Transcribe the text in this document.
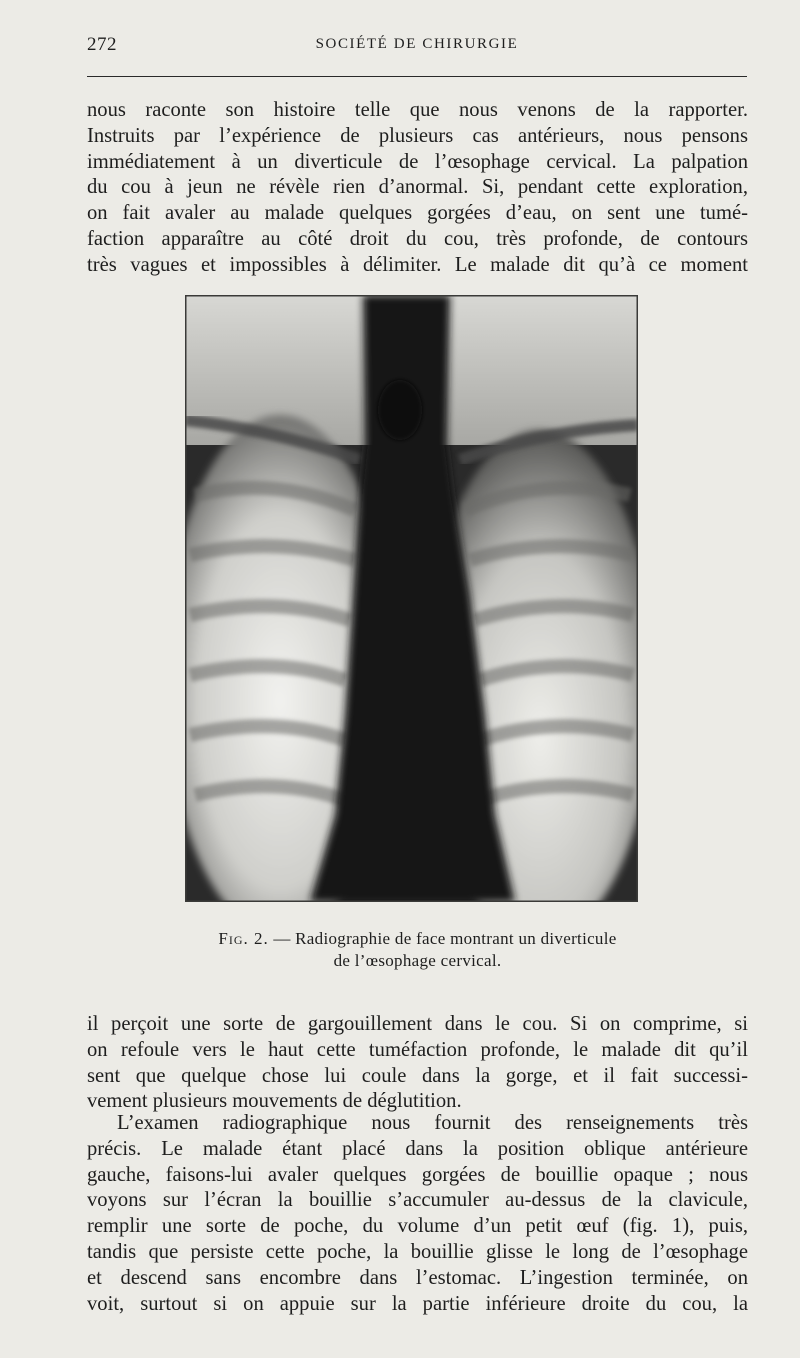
272	SOCIÉTÉ DE CHIRURGIE
nous raconte son histoire telle que nous venons de la rapporter.
Instruits par l’expérience de plusieurs cas antérieurs, nous pensons
immédiatement à un diverticule de l’œsophage cervical. La palpation
du cou à jeun ne révèle rien d’anormal. Si, pendant cette exploration,
on fait avaler au malade quelques gorgées d’eau, on sent une tumé-
faction apparaître au côté droit du cou, très profonde, de contours
très vagues et impossibles à délimiter. Le malade dit qu’à ce moment
Fig. 2. — Radiographie de face montrant un diverticule
de l’œsophage cervical.
il perçoit une sorte de gargouillement dans le cou. Si on comprime, si
on refoule vers le haut cette tuméfaction profonde, le malade dit qu’il
sent que quelque chose lui coule dans la gorge, et il fait successi-
vement plusieurs mouvements de déglutition.
L’examen radiographique nous fournit des renseignements très
précis. Le malade étant placé dans la position oblique antérieure
gauche, faisons-lui avaler quelques gorgées de bouillie opaque ; nous
voyons sur l’écran la bouillie s’accumuler au-dessus de la clavicule,
remplir une sorte de poche, du volume d’un petit œuf (fig. 1), puis,
tandis que persiste cette poche, la bouillie glisse le long de l’œsophage
et descend sans encombre dans l’estomac. L’ingestion terminée, on
voit, surtout si on appuie sur la partie inférieure droite du cou, la
